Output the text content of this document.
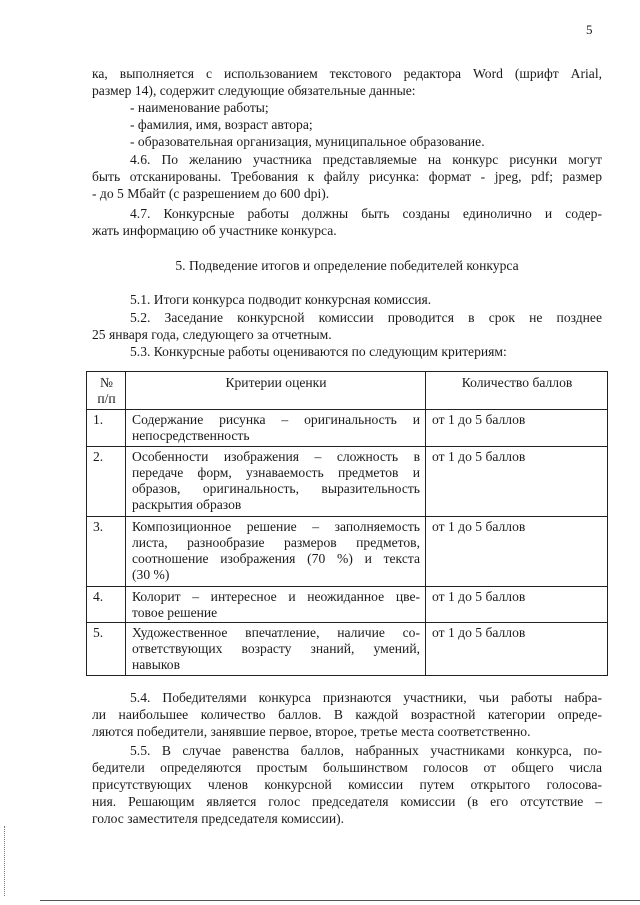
5
ка, выполняется с использованием текстового редактора Word (шрифт Arial,
размер 14), содержит следующие обязательные данные:
- наименование работы;
- фамилия, имя, возраст автора;
- образовательная организация, муниципальное образование.
4.6. По желанию участника представляемые на конкурс рисунки могут
быть отсканированы. Требования к файлу рисунка: формат - jpeg, pdf; размер
- до 5 Мбайт (с разрешением до 600 dpi).
4.7. Конкурсные работы должны быть созданы единолично и содер-
жать информацию об участнике конкурса.
5. Подведение итогов и определение победителей конкурса
5.1. Итоги конкурса подводит конкурсная комиссия.
5.2. Заседание конкурсной комиссии проводится в срок не позднее
25 января года, следующего за отчетным.
5.3. Конкурсные работы оцениваются по следующим критериям:
№
п/п	Критерии оценки	Количество баллов
1.	Содержание рисунка – оригинальность и
непосредственность	от 1 до 5 баллов
2.	Особенности изображения – сложность в
передаче форм, узнаваемость предметов и
образов, оригинальность, выразительность
раскрытия образов	от 1 до 5 баллов
3.	Композиционное решение – заполняемость
листа, разнообразие размеров предметов,
соотношение изображения (70 %) и текста
(30 %)	от 1 до 5 баллов
4.	Колорит – интересное и неожиданное цве-
товое решение	от 1 до 5 баллов
5.	Художественное впечатление, наличие со-
ответствующих возрасту знаний, умений,
навыков	от 1 до 5 баллов
5.4. Победителями конкурса признаются участники, чьи работы набра-
ли наибольшее количество баллов. В каждой возрастной категории опреде-
ляются победители, занявшие первое, второе, третье места соответственно.
5.5. В случае равенства баллов, набранных участниками конкурса, по-
бедители определяются простым большинством голосов от общего числа
присутствующих членов конкурсной комиссии путем открытого голосова-
ния. Решающим является голос председателя комиссии (в его отсутствие –
голос заместителя председателя комиссии).
